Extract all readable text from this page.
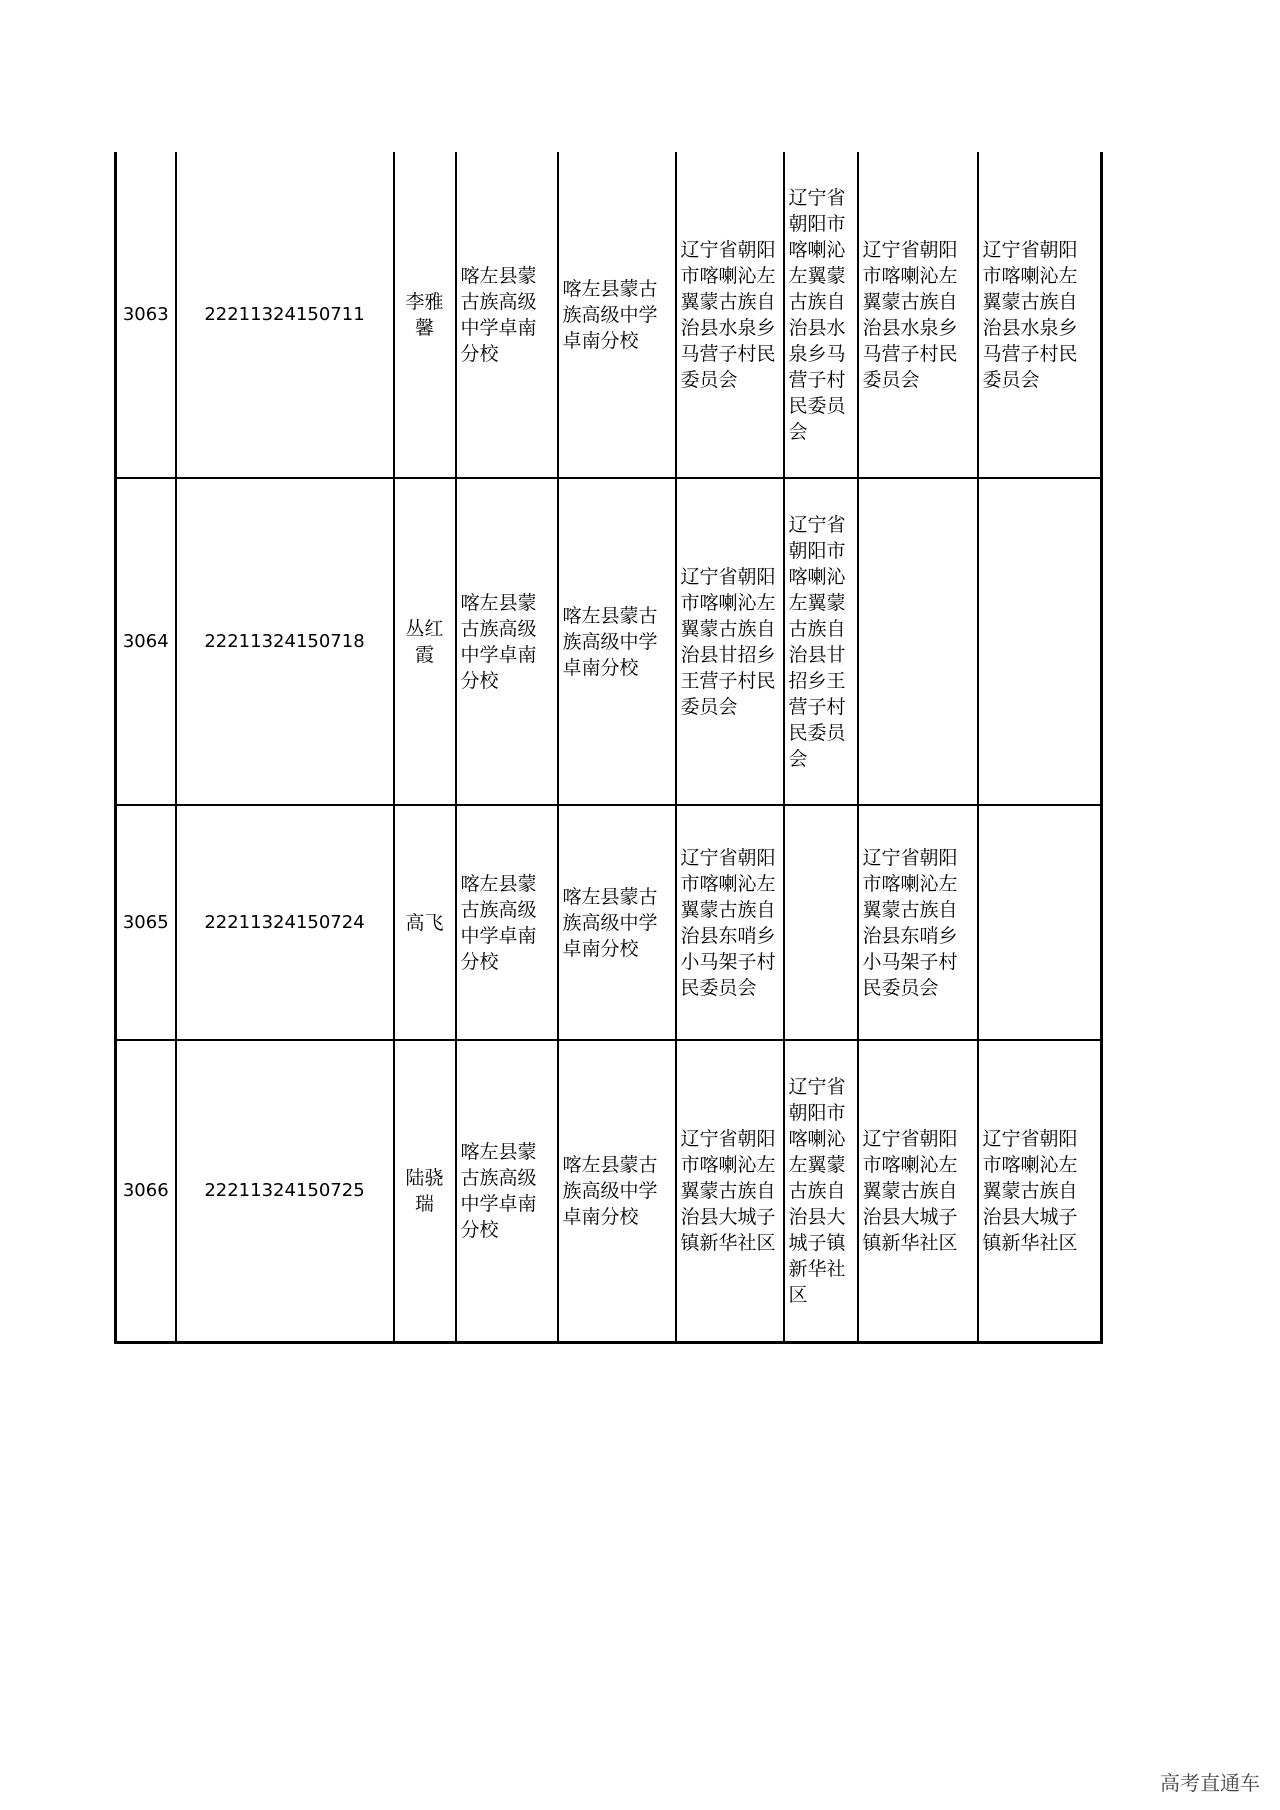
3063	22211324150711	李雅馨	喀左县蒙古族高级中学卓南分校	喀左县蒙古族高级中学卓南分校	辽宁省朝阳市喀喇沁左翼蒙古族自治县水泉乡马营子村民委员会	辽宁省朝阳市喀喇沁左翼蒙古族自治县水泉乡马营子村民委员会	辽宁省朝阳市喀喇沁左翼蒙古族自治县水泉乡马营子村民委员会	辽宁省朝阳市喀喇沁左翼蒙古族自治县水泉乡马营子村民委员会
3064	22211324150718	丛红霞	喀左县蒙古族高级中学卓南分校	喀左县蒙古族高级中学卓南分校	辽宁省朝阳市喀喇沁左翼蒙古族自治县甘招乡王营子村民委员会	辽宁省朝阳市喀喇沁左翼蒙古族自治县甘招乡王营子村民委员会		
3065	22211324150724	高飞	喀左县蒙古族高级中学卓南分校	喀左县蒙古族高级中学卓南分校	辽宁省朝阳市喀喇沁左翼蒙古族自治县东哨乡小马架子村民委员会		辽宁省朝阳市喀喇沁左翼蒙古族自治县东哨乡小马架子村民委员会	
3066	22211324150725	陆骁瑞	喀左县蒙古族高级中学卓南分校	喀左县蒙古族高级中学卓南分校	辽宁省朝阳市喀喇沁左翼蒙古族自治县大城子镇新华社区	辽宁省朝阳市喀喇沁左翼蒙古族自治县大城子镇新华社区	辽宁省朝阳市喀喇沁左翼蒙古族自治县大城子镇新华社区	辽宁省朝阳市喀喇沁左翼蒙古族自治县大城子镇新华社区
高考直通车
